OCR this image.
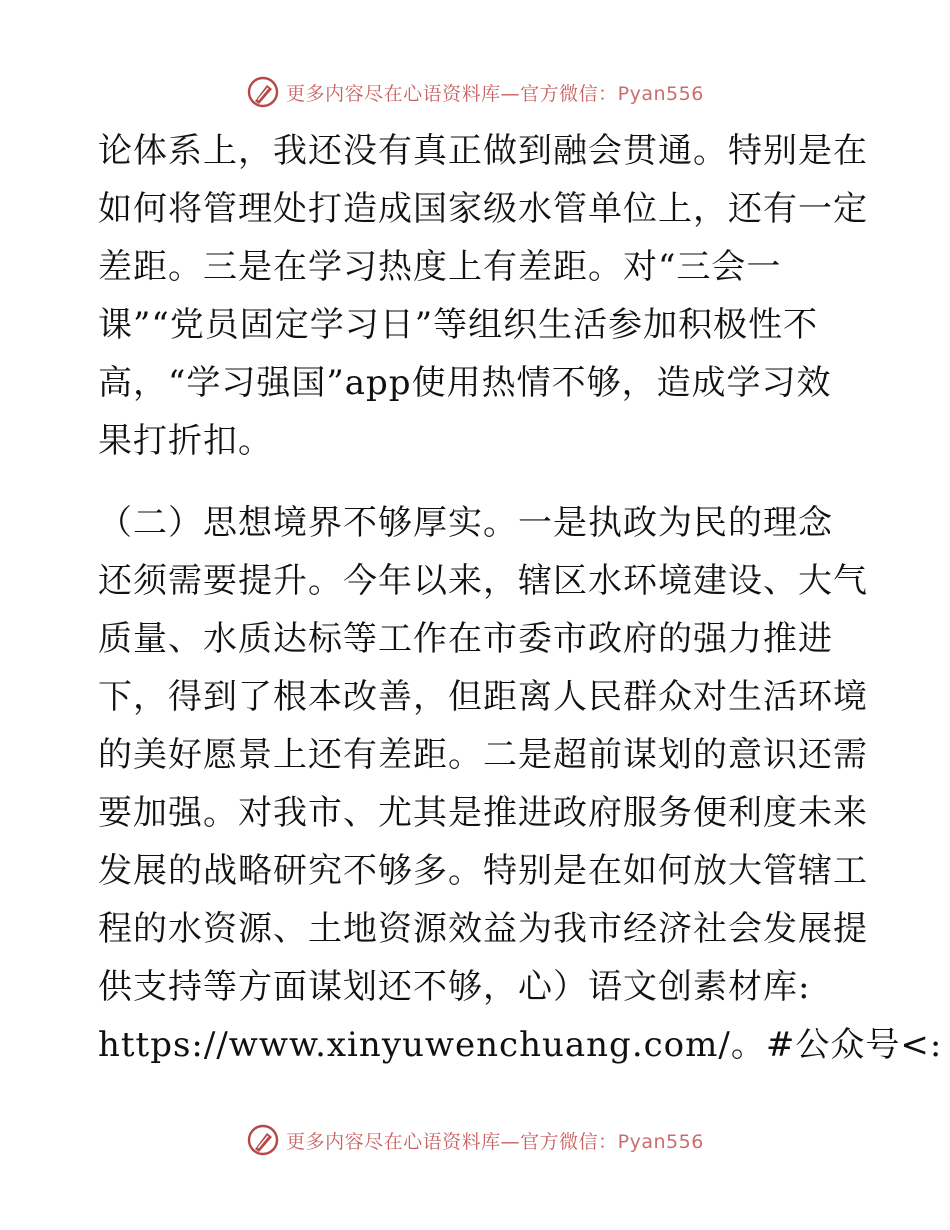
更多内容尽在心语资料库—官方微信：Pyan556
论体系上，我还没有真正做到融会贯通。特别是在
如何将管理处打造成国家级水管单位上，还有一定
差距。三是在学习热度上有差距。对“三会一
课”“党员固定学习日”等组织生活参加积极性不
高，“学习强国”app使用热情不够，造成学习效
果打折扣。
（二）思想境界不够厚实。一是执政为民的理念
还须需要提升。今年以来，辖区水环境建设、大气
质量、水质达标等工作在市委市政府的强力推进
下，得到了根本改善，但距离人民群众对生活环境
的美好愿景上还有差距。二是超前谋划的意识还需
要加强。对我市、尤其是推进政府服务便利度未来
发展的战略研究不够多。特别是在如何放大管辖工
程的水资源、土地资源效益为我市经济社会发展提
供支持等方面谋划还不够，心）语文创素材库:
https://www.xinyuwenchuang.com/。#公众号<:
更多内容尽在心语资料库—官方微信：Pyan556
